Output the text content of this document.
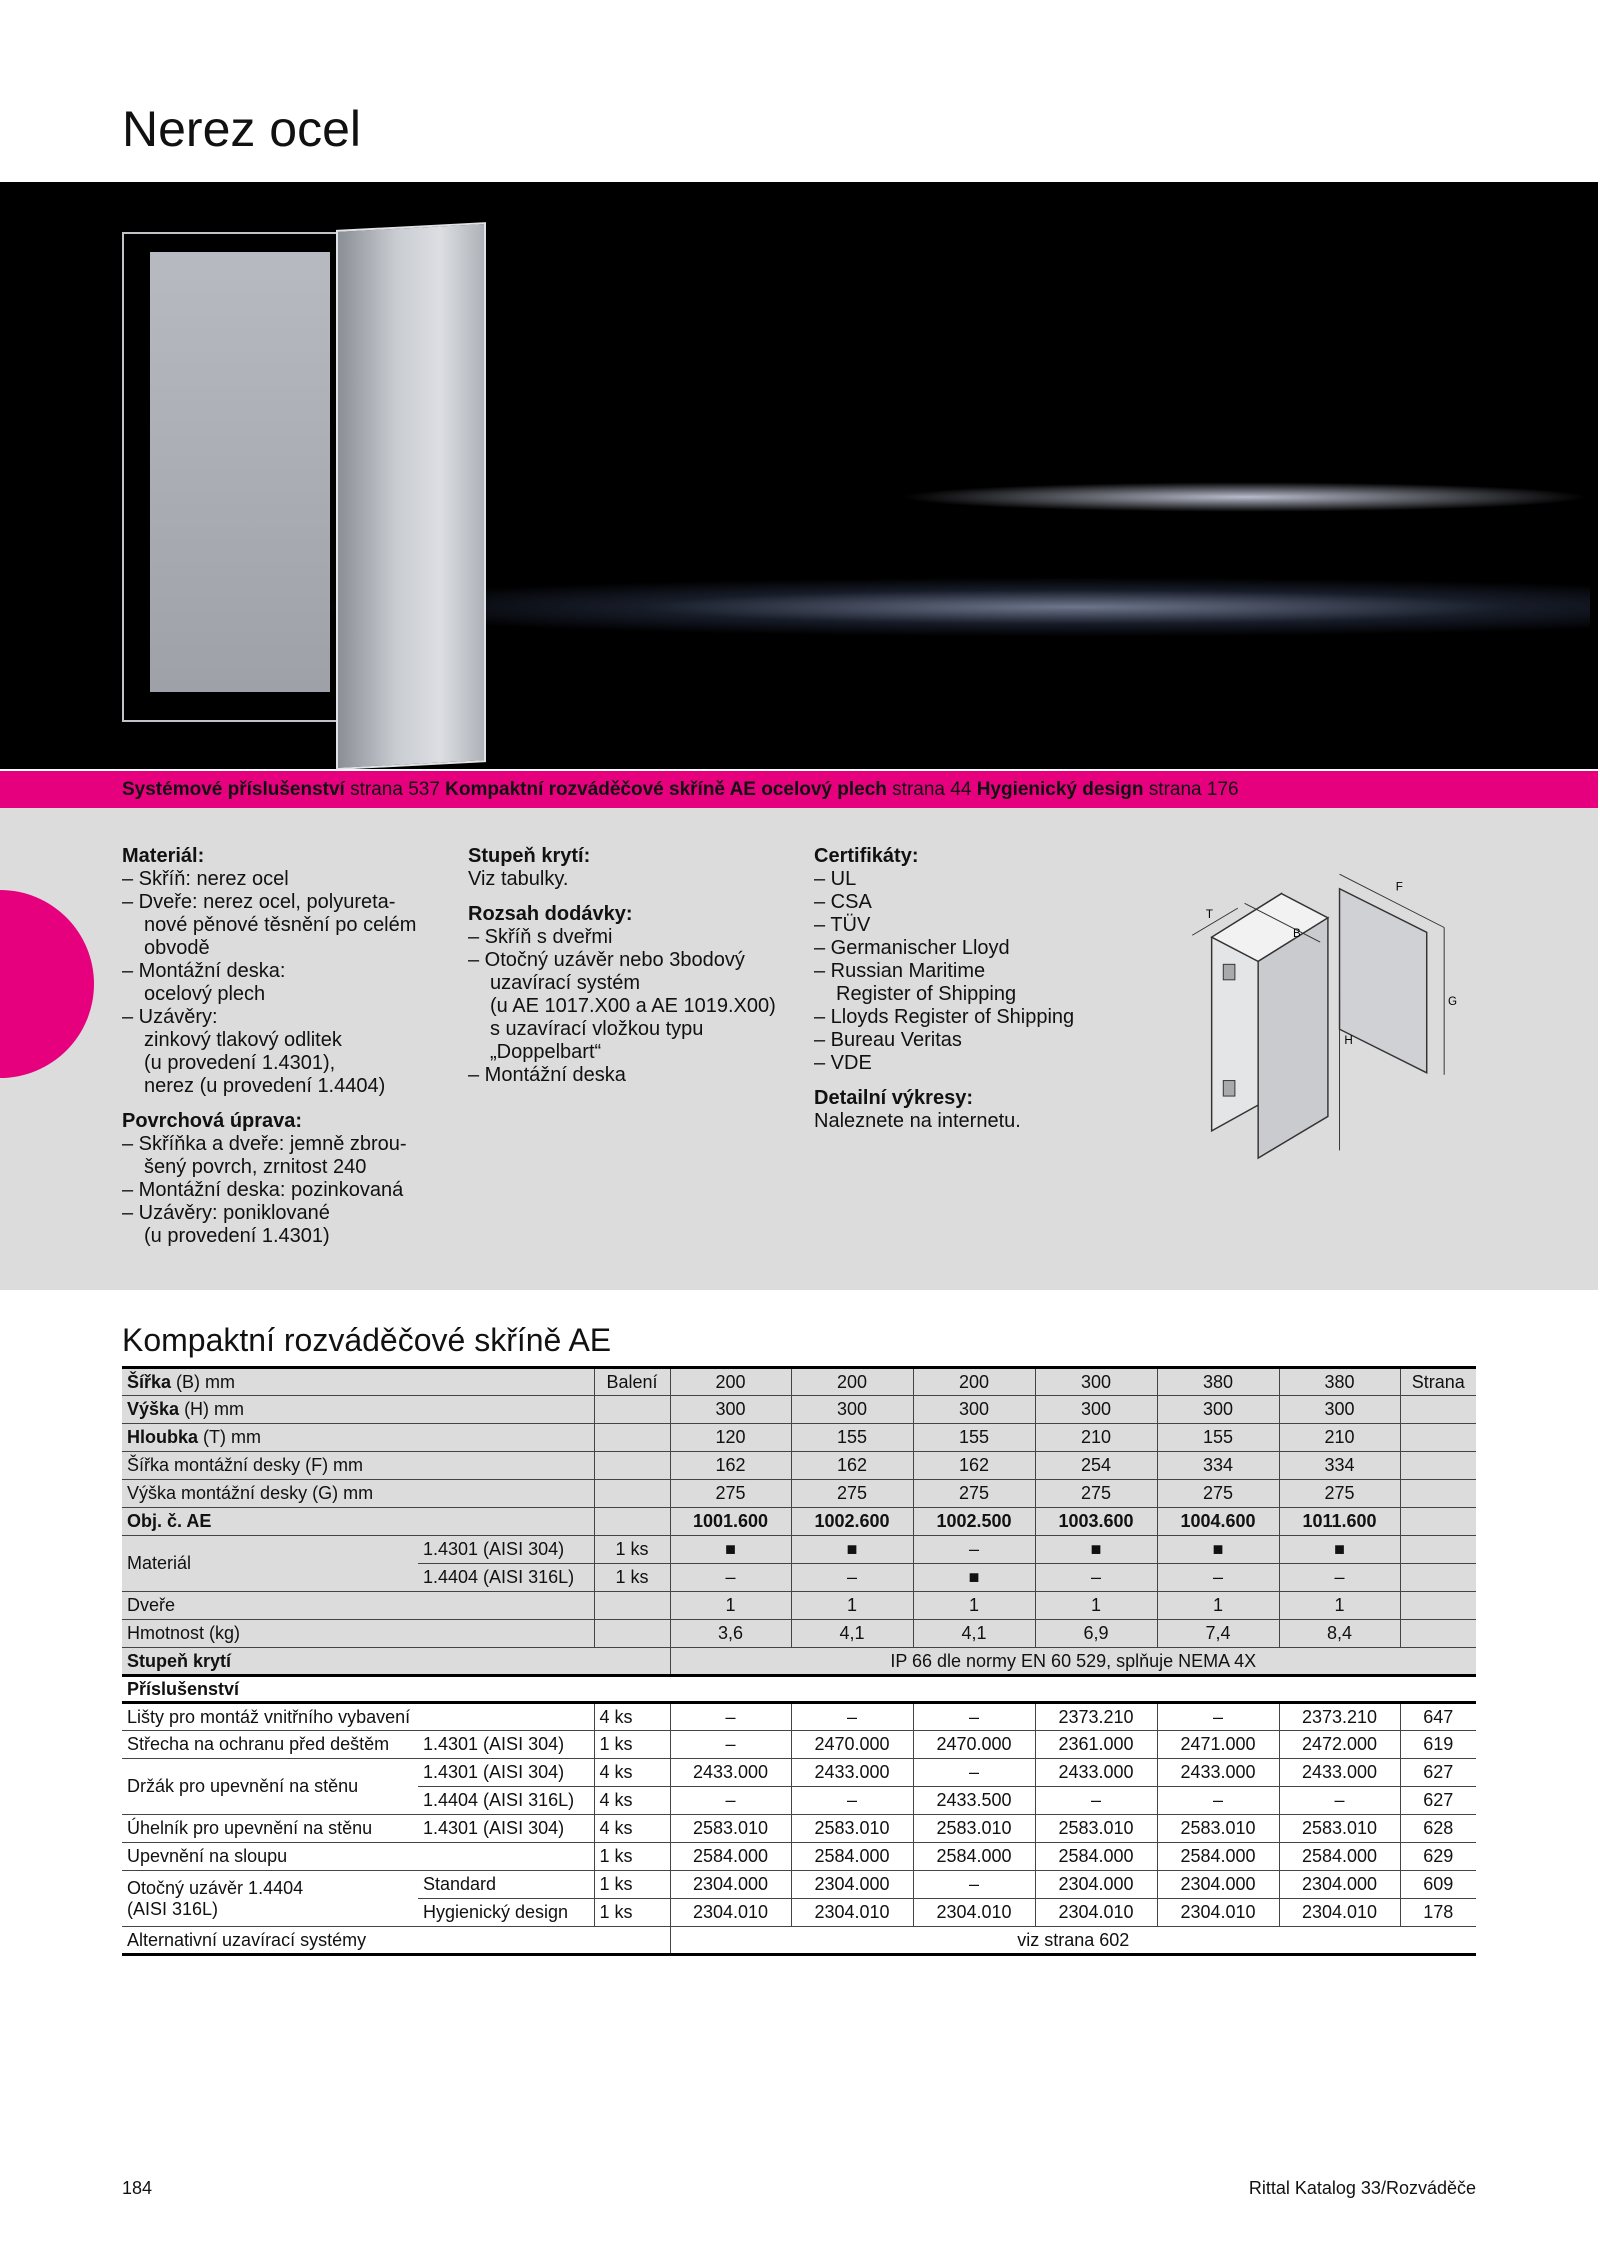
Nerez ocel
Systémové příslušenství strana 537 Kompaktní rozváděčové skříně AE ocelový plech strana 44 Hygienický design strana 176
Materiál:
– Skříň: nerez ocel
– Dveře: nerez ocel, polyureta-
nové pěnové těsnění po celém obvodě
– Montážní deska:
ocelový plech
– Uzávěry:
zinkový tlakový odlitek
(u provedení 1.4301),
nerez (u provedení 1.4404)
Povrchová úprava:
– Skříňka a dveře: jemně zbrou-
šený povrch, zrnitost 240
– Montážní deska: pozinkovaná
– Uzávěry: poniklované
(u provedení 1.4301)
Stupeň krytí:
Viz tabulky.
Rozsah dodávky:
– Skříň s dveřmi
– Otočný uzávěr nebo 3bodový uzavírací systém
(u AE 1017.X00 a AE 1019.X00)
s uzavírací vložkou typu
„Doppelbart“
– Montážní deska
Certifikáty:
– UL
– CSA
– TÜV
– Germanischer Lloyd
– Russian Maritime
Register of Shipping
– Lloyds Register of Shipping
– Bureau Veritas
– VDE
Detailní výkresy:
Naleznete na internetu.
F
T
B
G
H
Kompaktní rozváděčové skříně AE
Šířka (B) mm		Balení	200	200	200	300	380	380	Strana
Výška (H) mm			300	300	300	300	300	300	
Hloubka (T) mm			120	155	155	210	155	210	
Šířka montážní desky (F) mm			162	162	162	254	334	334	
Výška montážní desky (G) mm			275	275	275	275	275	275	
Obj. č. AE			1001.600	1002.600	1002.500	1003.600	1004.600	1011.600	
Materiál	1.4301 (AISI 304)	1 ks	■	■	–	■	■	■	
	1.4404 (AISI 316L)	1 ks	–	–	■	–	–	–	
Dveře			1	1	1	1	1	1	
Hmotnost (kg)			3,6	4,1	4,1	6,9	7,4	8,4	
Stupeň krytí			IP 66 dle normy EN 60 529, splňuje NEMA 4X						
Příslušenství									
Lišty pro montáž vnitřního vybavení		4 ks	–	–	–	2373.210	–	2373.210	647
Střecha na ochranu před deštěm	1.4301 (AISI 304)	1 ks	–	2470.000	2470.000	2361.000	2471.000	2472.000	619
Držák pro upevnění na stěnu	1.4301 (AISI 304)	4 ks	2433.000	2433.000	–	2433.000	2433.000	2433.000	627
	1.4404 (AISI 316L)	4 ks	–	–	2433.500	–	–	–	627
Úhelník pro upevnění na stěnu	1.4301 (AISI 304)	4 ks	2583.010	2583.010	2583.010	2583.010	2583.010	2583.010	628
Upevnění na sloupu		1 ks	2584.000	2584.000	2584.000	2584.000	2584.000	2584.000	629
Otočný uzávěr 1.4404
(AISI 316L)	Standard	1 ks	2304.000	2304.000	–	2304.000	2304.000	2304.000	609
	Hygienický design	1 ks	2304.010	2304.010	2304.010	2304.010	2304.010	2304.010	178
Alternativní uzavírací systémy			viz strana 602						
184	Rittal Katalog 33/Rozváděče
